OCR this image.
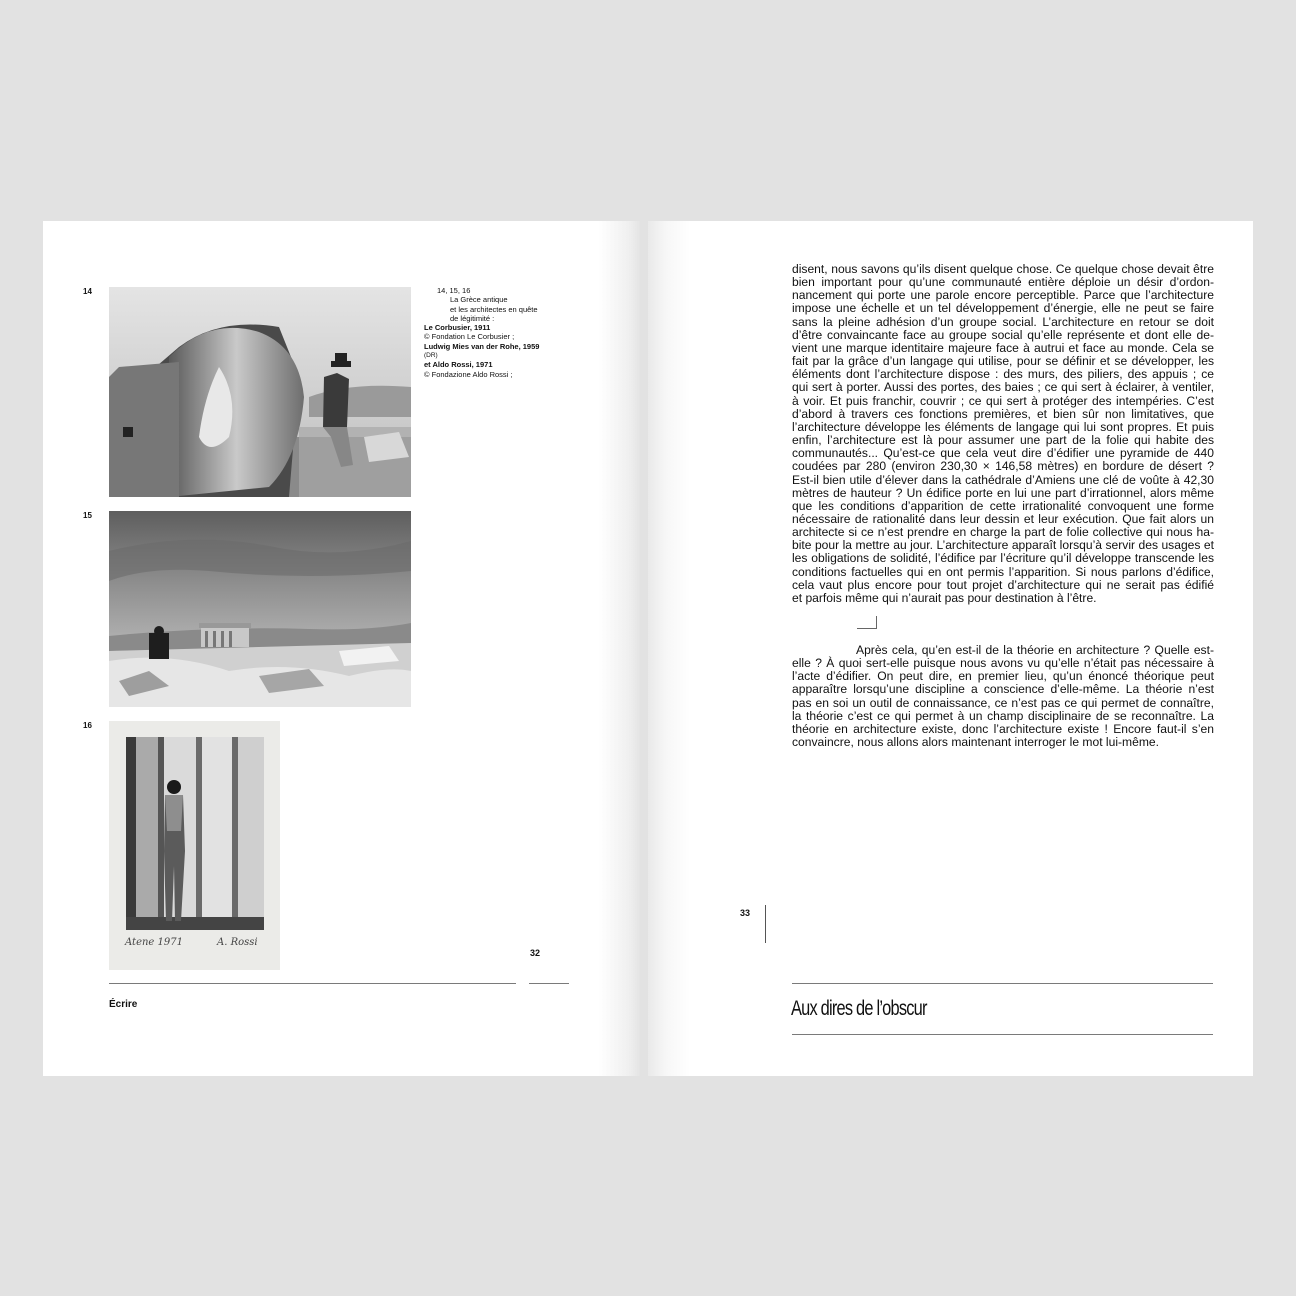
14	14, 15, 16
La Grèce antique
et les architectes en quête
de légitimité :
Le Corbusier, 1911
© Fondation Le Corbusier ;
Ludwig Mies van der Rohe, 1959
(DR)
et Aldo Rossi, 1971
© Fondazione Aldo Rossi ;
15
16
Atene 1971	A. Rossi
32
Écrire
disent, nous savons qu’ils disent quelque chose. Ce quelque chose devait être
bien important pour qu’une communauté entière déploie un désir d’ordon-
nancement qui porte une parole encore perceptible. Parce que l’architecture
impose une échelle et un tel développement d’énergie, elle ne peut se faire
sans la pleine adhésion d’un groupe social. L’architecture en retour se doit
d’être convaincante face au groupe social qu’elle représente et dont elle de-
vient une marque identitaire majeure face à autrui et face au monde. Cela se
fait par la grâce d’un langage qui utilise, pour se définir et se développer, les
éléments dont l’architecture dispose : des murs, des piliers, des appuis ; ce
qui sert à porter. Aussi des portes, des baies ; ce qui sert à éclairer, à ventiler,
à voir. Et puis franchir, couvrir ; ce qui sert à protéger des intempéries. C’est
d’abord à travers ces fonctions premières, et bien sûr non limitatives, que
l’architecture développe les éléments de langage qui lui sont propres. Et puis
enfin, l’architecture est là pour assumer une part de la folie qui habite des
communautés... Qu’est-ce que cela veut dire d’édifier une pyramide de 440
coudées par 280 (environ 230,30 × 146,58 mètres) en bordure de désert ?
Est-il bien utile d’élever dans la cathédrale d’Amiens une clé de voûte à 42,30
mètres de hauteur ? Un édifice porte en lui une part d’irrationnel, alors même
que les conditions d’apparition de cette irrationalité convoquent une forme
nécessaire de rationalité dans leur dessin et leur exécution. Que fait alors un
architecte si ce n’est prendre en charge la part de folie collective qui nous ha-
bite pour la mettre au jour. L’architecture apparaît lorsqu’à servir des usages et
les obligations de solidité, l’édifice par l’écriture qu’il développe transcende les
conditions factuelles qui en ont permis l’apparition. Si nous parlons d’édifice,
cela vaut plus encore pour tout projet d’architecture qui ne serait pas édifié
et parfois même qui n’aurait pas pour destination à l’être.
Après cela, qu’en est-il de la théorie en architecture ? Quelle est-
elle ? À quoi sert-elle puisque nous avons vu qu’elle n’était pas nécessaire à
l’acte d’édifier. On peut dire, en premier lieu, qu’un énoncé théorique peut
apparaître lorsqu’une discipline a conscience d’elle-même. La théorie n’est
pas en soi un outil de connaissance, ce n’est pas ce qui permet de connaître,
la théorie c’est ce qui permet à un champ disciplinaire de se reconnaître. La
théorie en architecture existe, donc l’architecture existe ! Encore faut-il s’en
convaincre, nous allons alors maintenant interroger le mot lui-même.
33
Aux dires de l’obscur
